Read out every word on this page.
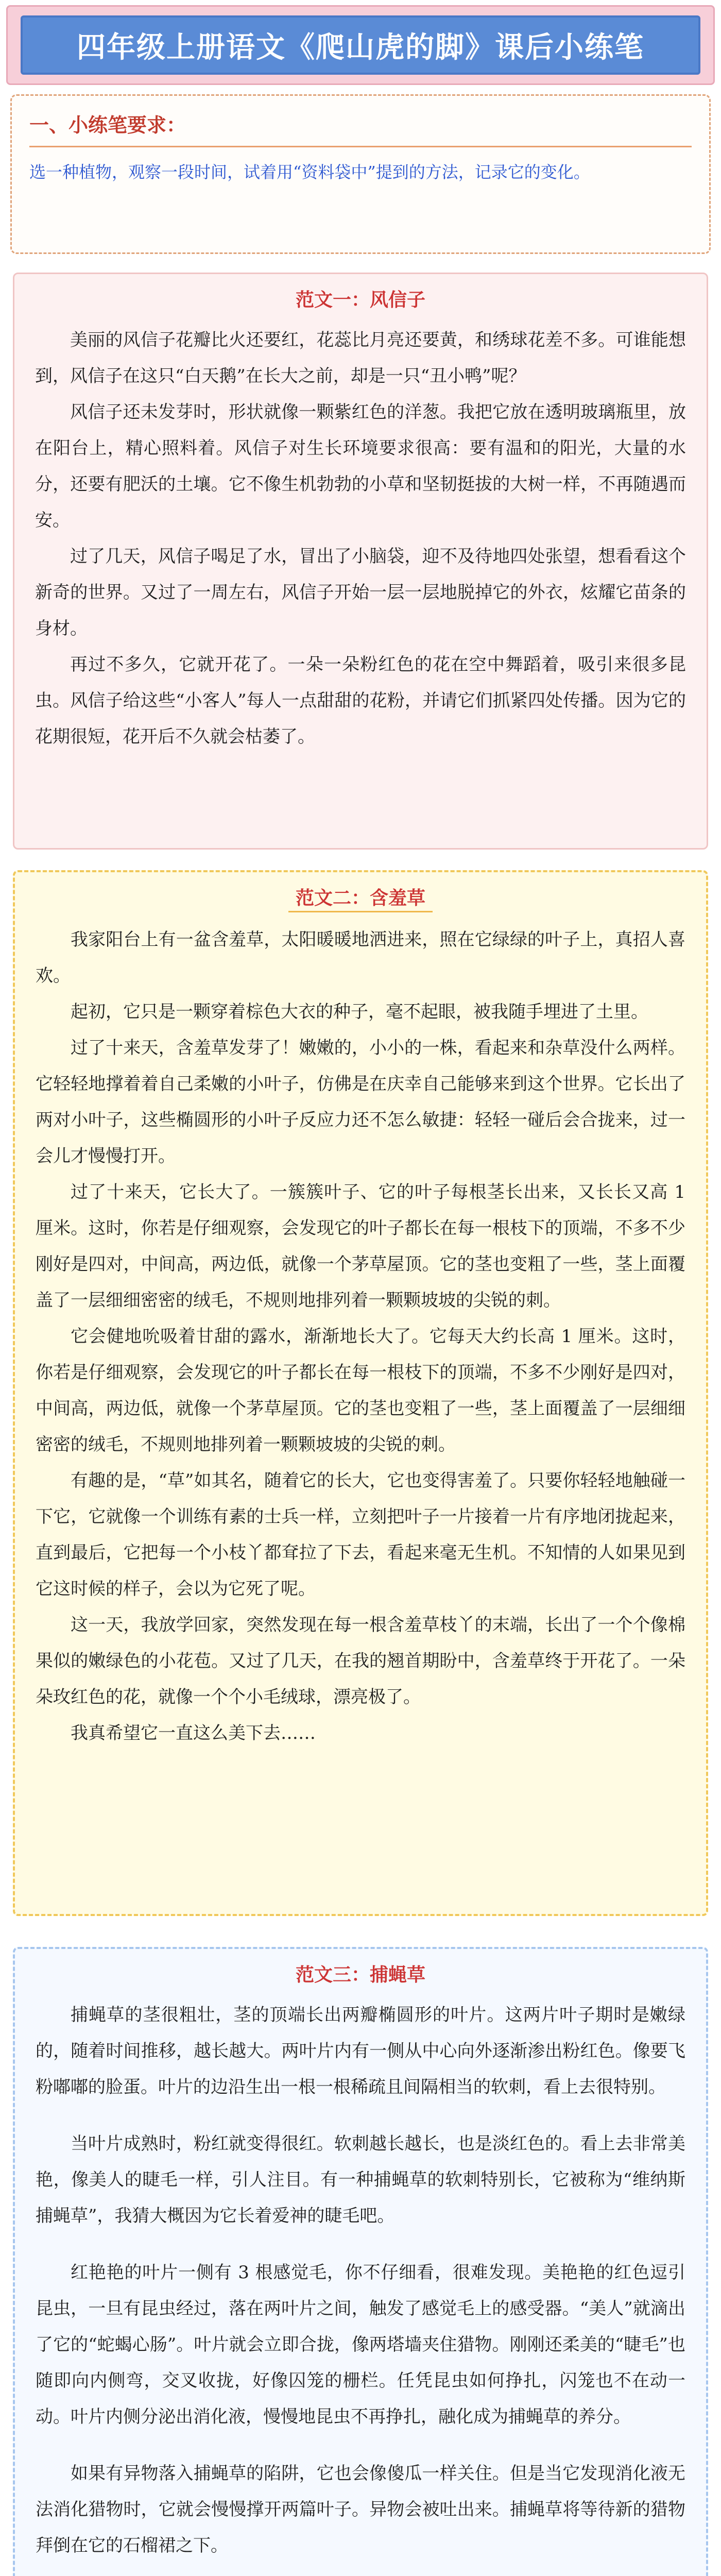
四年级上册语文《爬山虎的脚》课后小练笔
一、小练笔要求：
选一种植物，观察一段时间，试着用“资料袋中”提到的方法，记录它的变化。
范文一：风信子

美丽的风信子花瓣比火还要红，花蕊比月亮还要黄，和绣球花差不多。可谁能想到，风信子在这只“白天鹅”在长大之前，却是一只“丑小鸭”呢？

风信子还未发芽时，形状就像一颗紫红色的洋葱。我把它放在透明玻璃瓶里，放在阳台上，精心照料着。风信子对生长环境要求很高：要有温和的阳光，大量的水分，还要有肥沃的土壤。它不像生机勃勃的小草和坚韧挺拔的大树一样，不再随遇而安。

过了几天，风信子喝足了水，冒出了小脑袋，迎不及待地四处张望，想看看这个新奇的世界。又过了一周左右，风信子开始一层一层地脱掉它的外衣，炫耀它苗条的身材。

再过不多久，它就开花了。一朵一朵粉红色的花在空中舞蹈着，吸引来很多昆虫。风信子给这些“小客人”每人一点甜甜的花粉，并请它们抓紧四处传播。因为它的花期很短，花开后不久就会枯萎了。

范文二：含羞草

我家阳台上有一盆含羞草，太阳暖暖地洒进来，照在它绿绿的叶子上，真招人喜欢。

起初，它只是一颗穿着棕色大衣的种子，毫不起眼，被我随手埋进了土里。

过了十来天，含羞草发芽了！嫩嫩的，小小的一株，看起来和杂草没什么两样。它轻轻地撑着着自己柔嫩的小叶子，仿佛是在庆幸自己能够来到这个世界。它长出了两对小叶子，这些椭圆形的小叶子反应力还不怎么敏捷：轻轻一碰后会合拢来，过一会儿才慢慢打开。

过了十来天，它长大了。一簇簇叶子、它的叶子每根茎长出来，又长长又高 1 厘米。这时，你若是仔细观察，会发现它的叶子都长在每一根枝下的顶端，不多不少刚好是四对，中间高，两边低，就像一个茅草屋顶。它的茎也变粗了一些，茎上面覆盖了一层细细密密的绒毛，不规则地排列着一颗颗坡坡的尖锐的刺。

它会健地吮吸着甘甜的露水，渐渐地长大了。它每天大约长高 1 厘米。这时，你若是仔细观察，会发现它的叶子都长在每一根枝下的顶端，不多不少刚好是四对，中间高，两边低，就像一个茅草屋顶。它的茎也变粗了一些，茎上面覆盖了一层细细密密的绒毛，不规则地排列着一颗颗坡坡的尖锐的刺。

有趣的是，“草”如其名，随着它的长大，它也变得害羞了。只要你轻轻地触碰一下它，它就像一个训练有素的士兵一样，立刻把叶子一片接着一片有序地闭拢起来，直到最后，它把每一个小枝丫都耷拉了下去，看起来毫无生机。不知情的人如果见到它这时候的样子，会以为它死了呢。

这一天，我放学回家，突然发现在每一根含羞草枝丫的末端，长出了一个个像棉果似的嫩绿色的小花苞。又过了几天，在我的翘首期盼中，含羞草终于开花了。一朵朵玫红色的花，就像一个个小毛绒球，漂亮极了。

我真希望它一直这么美下去……

范文三：捕蝇草

捕蝇草的茎很粗壮，茎的顶端长出两瓣椭圆形的叶片。这两片叶子期时是嫩绿的，随着时间推移，越长越大。两叶片内有一侧从中心向外逐渐渗出粉红色。像要飞粉嘟嘟的脸蛋。叶片的边沿生出一根一根稀疏且间隔相当的软刺，看上去很特别。

当叶片成熟时，粉红就变得很红。软刺越长越长，也是淡红色的。看上去非常美艳，像美人的睫毛一样，引人注目。有一种捕蝇草的软刺特别长，它被称为“维纳斯捕蝇草”，我猜大概因为它长着爱神的睫毛吧。

红艳艳的叶片一侧有 3 根感觉毛，你不仔细看，很难发现。美艳艳的红色逗引昆虫，一旦有昆虫经过，落在两叶片之间，触发了感觉毛上的感受器。“美人”就滴出了它的“蛇蝎心肠”。叶片就会立即合拢，像两塔墙夹住猎物。刚刚还柔美的“睫毛”也随即向内侧弯，交叉收拢，好像囚笼的栅栏。任凭昆虫如何挣扎，闪笼也不在动一动。叶片内侧分泌出消化液，慢慢地昆虫不再挣扎，融化成为捕蝇草的养分。

如果有异物落入捕蝇草的陷阱，它也会像傻瓜一样关住。但是当它发现消化液无法消化猎物时，它就会慢慢撑开两篇叶子。异物会被吐出来。捕蝇草将等待新的猎物拜倒在它的石榴裙之下。
